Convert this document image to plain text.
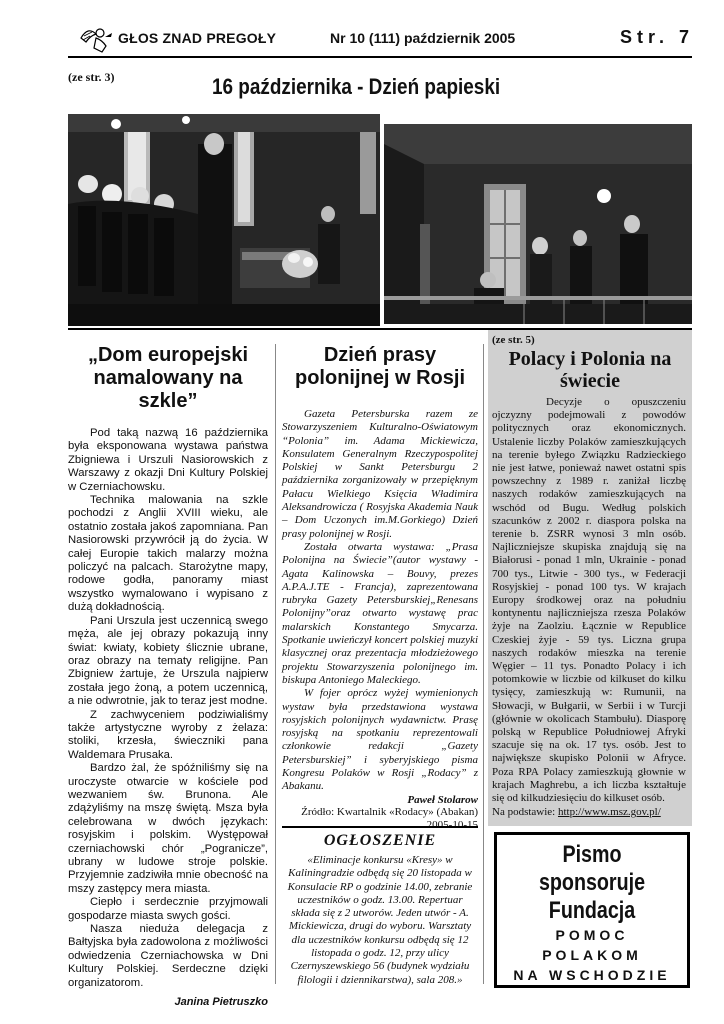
GŁOS ZNAD PREGOŁY	Nr 10 (111) październik 2005	Str. 7
(ze str. 3)	16 października - Dzień papieski
„Dom europejski namalowany na szkle”

Pod taką nazwą 16 października była eksponowana wystawa państwa Zbigniewa i Urszuli Nasiorowskich z Warszawy z okazji Dni Kultury Polskiej w Czerniachowsku.

Technika malowania na szkle pochodzi z Anglii XVIII wieku, ale ostatnio została jakoś zapomniana. Pan Nasiorowski przywrócił ją do życia. W całej Europie takich malarzy można policzyć na palcach. Starożytne mapy, rodowe godła, panoramy miast wszystko wymalowano i wypisano z dużą dokładnością.

Pani Urszula jest uczennicą swego męża, ale jej obrazy pokazują inny świat: kwiaty, kobiety ślicznie ubrane, oraz obrazy na tematy religijne. Pan Zbigniew żartuje, że Urszula najpierw została jego żoną, a potem uczennicą, a nie odwrotnie, jak to teraz jest modne.

Z zachwyceniem podziwialiśmy także artystyczne wyroby z żelaza: stoliki, krzesła, świeczniki pana Waldemara Prusaka.

Bardzo żal, że spóźniliśmy się na uroczyste otwarcie w kościele pod wezwaniem św. Brunona. Ale zdążyliśmy na mszę świętą. Msza była celebrowana w dwóch językach: rosyjskim i polskim. Występował czerniachowski chór „Pogranicze”, ubrany w ludowe stroje polskie. Przyjemnie zadziwiła mnie obecność na mszy zastępcy mera miasta.

Ciepło i serdecznie przyjmowali gospodarze miasta swych gości.

Nasza nieduża delegacja z Bałtyjska była zadowolona z możliwości odwiedzenia Czerniachowska w Dni Kultury Polskiej. Serdeczne dzięki organizatorom.

Janina Pietruszko
Dzień prasy polonijnej w Rosji

Gazeta Petersburska razem ze Stowarzyszeniem Kulturalno-Oświatowym “Polonia” im. Adama Mickiewicza, Konsulatem Generalnym Rzeczypospolitej Polskiej w Sankt Petersburgu 2 października zorganizowały w przepięknym Pałacu Wielkiego Księcia Władimira Aleksandrowicza ( Rosyjska Akademia Nauk – Dom Uczonych im.M.Gorkiego) Dzień prasy polonijnej w Rosji.

Została otwarta wystawa: „Prasa Polonijna na Świecie”(autor wystawy - Agata Kalinowska – Bouvy, prezes A.P.A.J.TE - Francja), zaprezentowana rubryka Gazety Petersburskiej„Renesans Polonijny”oraz otwarto wystawę prac malarskich Konstantego Smycarza. Spotkanie uwieńczył koncert polskiej muzyki klasycznej oraz prezentacja młodzieżowego projektu Stowarzyszenia polonijnego im. biskupa Antoniego Maleckiego.

W fojer oprócz wyżej wymienionych wystaw była przedstawiona wystawa rosyjskich polonijnych wydawnictw. Prasę rosyjską na spotkaniu reprezentowali członkowie redakcji „Gazety Petersburskiej” i syberyjskiego pisma Kongresu Polaków w Rosji „Rodacy” z Abakanu.

Paweł Stolarow
Źródło: Kwartalnik «Rodacy» (Abakan)
2005-10-15
(ze str. 5)
Polacy i Polonia na świecie

Decyzje o opuszczeniu ojczyzny podejmowali z powodów politycznych oraz ekonomicznych. Ustalenie liczby Polaków zamieszkujących na terenie byłego Związku Radzieckiego nie jest łatwe, ponieważ nawet ostatni spis powszechny z 1989 r. zaniżał liczbę naszych rodaków zamieszkujących na wschód od Bugu. Według polskich szacunków z 2002 r. diaspora polska na terenie b. ZSRR wynosi 3 mln osób. Najliczniejsze skupiska znajdują się na Białorusi - ponad 1 mln, Ukrainie - ponad 700 tys., Litwie - 300 tys., w Federacji Rosyjskiej - ponad 100 tys. W krajach Europy środkowej oraz na południu kontynentu najliczniejsza rzesza Polaków żyje na Zaolziu. Łącznie w Republice Czeskiej żyje - 59 tys. Liczna grupa naszych rodaków mieszka na terenie Węgier – 11 tys. Ponadto Polacy i ich potomkowie w liczbie od kilkuset do kilku tysięcy, zamieszkują w: Rumunii, na Słowacji, w Bułgarii, w Serbii i w Turcji (głównie w okolicach Stambułu). Diasporę polską w Republice Południowej Afryki szacuje się na ok. 17 tys. osób. Jest to największe skupisko Polonii w Afryce. Poza RPA Polacy zamieszkują głownie w krajach Maghrebu, a ich liczba kształtuje się od kilkudziesięciu do kilkuset osób.

Na podstawie: http://www.msz.gov.pl/
OGŁOSZENIE
«Eliminacje konkursu «Kresy» w Kaliningradzie odbędą się 20 listopada w Konsulacie RP o godzinie 14.00, zebranie uczestników o godz. 13.00. Repertuar składa się z 2 utworów. Jeden utwór - A. Mickiewicza, drugi do wyboru. Warsztaty dla uczestników konkursu odbędą się 12 listopada o godz. 12, przy ulicy Czernyszewskiego 56 (budynek wydziału filologii i dziennikarstwa), sala 208.»
Pismo
sponsoruje
Fundacja
POMOC
POLAKOM
NA WSCHODZIE
